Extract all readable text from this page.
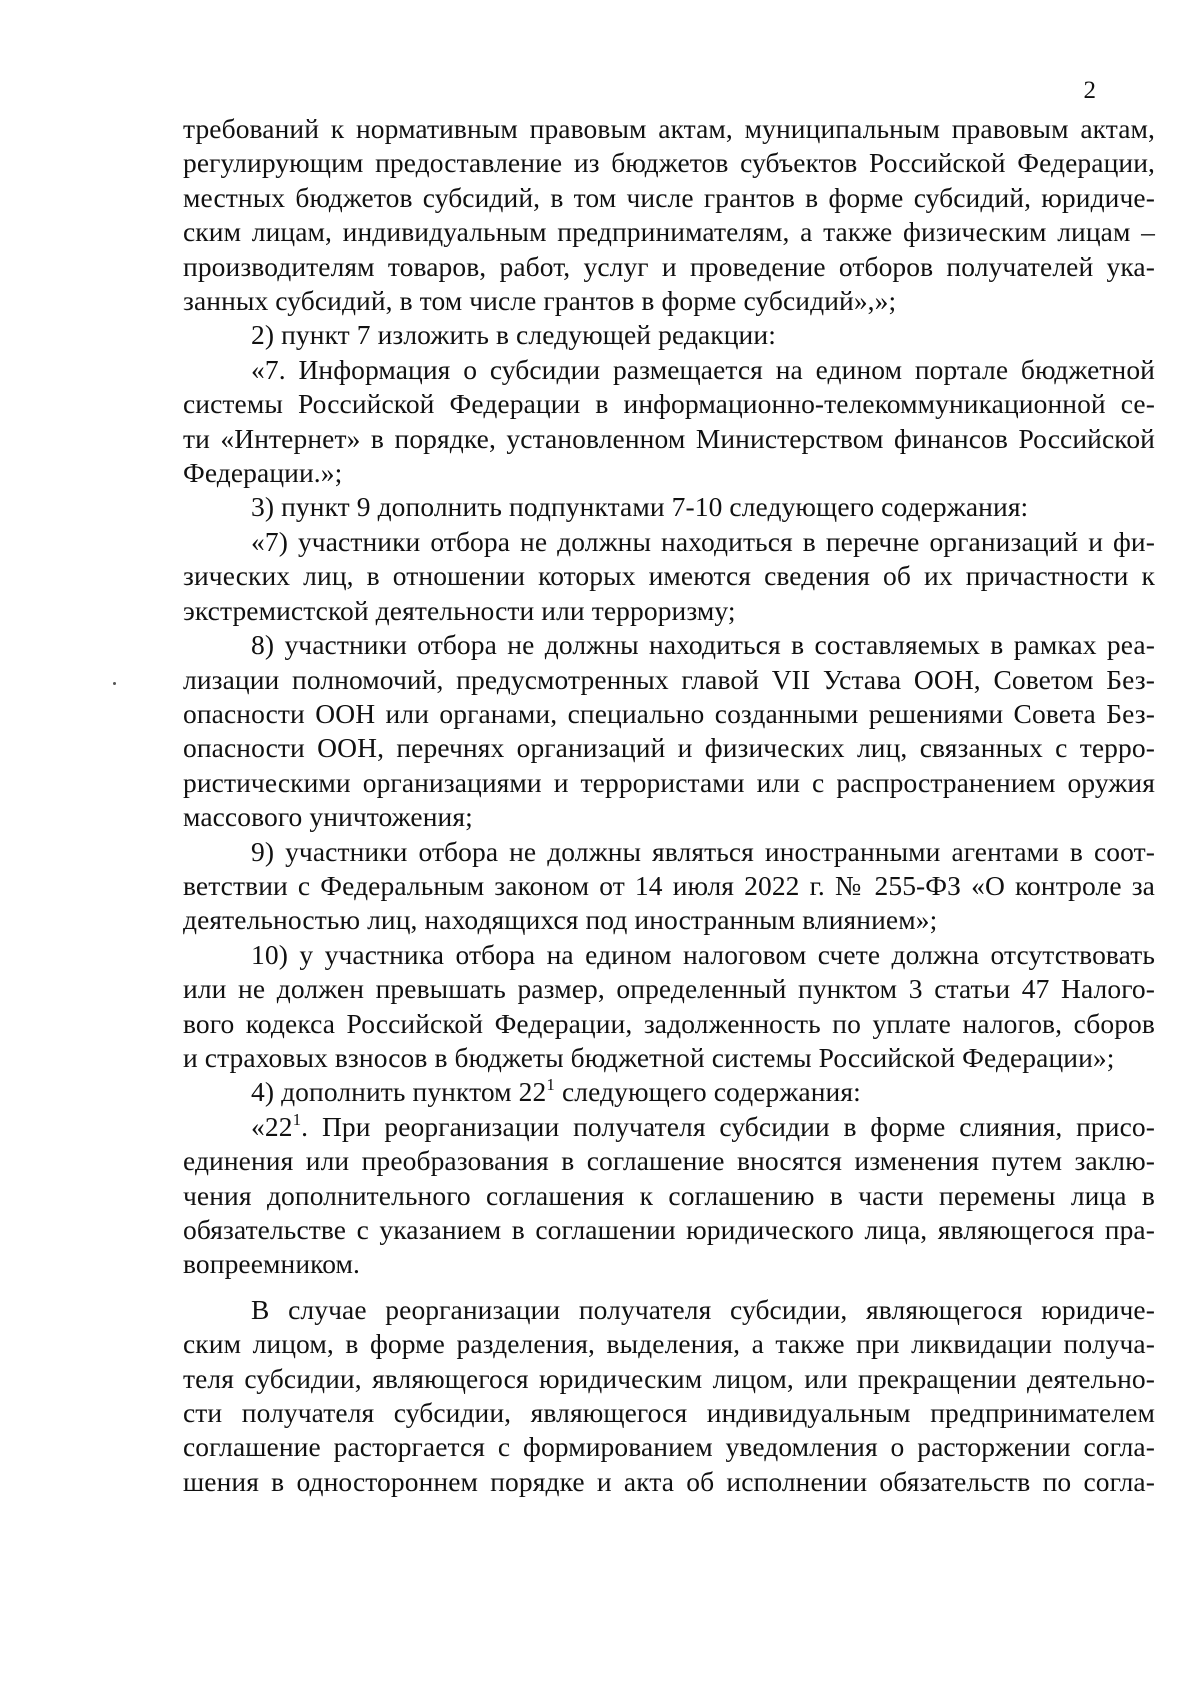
2

требований к нормативным правовым актам, муниципальным правовым актам,
регулирующим предоставление из бюджетов субъектов Российской Федерации,
местных бюджетов субсидий, в том числе грантов в форме субсидий, юридиче-
ским лицам, индивидуальным предпринимателям, а также физическим лицам –
производителям товаров, работ, услуг и проведение отборов получателей ука-
занных субсидий, в том числе грантов в форме субсидий»,»;

2) пункт 7 изложить в следующей редакции:

«7. Информация о субсидии размещается на едином портале бюджетной
системы Российской Федерации в информационно-телекоммуникационной се-
ти «Интернет» в порядке, установленном Министерством финансов Российской
Федерации.»;

3) пункт 9 дополнить подпунктами 7-10 следующего содержания:

«7) участники отбора не должны находиться в перечне организаций и фи-
зических лиц, в отношении которых имеются сведения об их причастности к
экстремистской деятельности или терроризму;

8) участники отбора не должны находиться в составляемых в рамках реа-
лизации полномочий, предусмотренных главой VII Устава ООН, Советом Без-
опасности ООН или органами, специально созданными решениями Совета Без-
опасности ООН, перечнях организаций и физических лиц, связанных с терро-
ристическими организациями и террористами или с распространением оружия
массового уничтожения;

9) участники отбора не должны являться иностранными агентами в соот-
ветствии с Федеральным законом от 14 июля 2022 г. № 255-ФЗ «О контроле за
деятельностью лиц, находящихся под иностранным влиянием»;

10) у участника отбора на едином налоговом счете должна отсутствовать
или не должен превышать размер, определенный пунктом 3 статьи 47 Налого-
вого кодекса Российской Федерации, задолженность по уплате налогов, сборов
и страховых взносов в бюджеты бюджетной системы Российской Федерации»;

4) дополнить пунктом $22^1$ следующего содержания:

«$22^1$. При реорганизации получателя субсидии в форме слияния, присо-
единения или преобразования в соглашение вносятся изменения путем заклю-
чения дополнительного соглашения к соглашению в части перемены лица в
обязательстве с указанием в соглашении юридического лица, являющегося пра-
вопреемником.

В случае реорганизации получателя субсидии, являющегося юридиче-
ским лицом, в форме разделения, выделения, а также при ликвидации получа-
теля субсидии, являющегося юридическим лицом, или прекращении деятельно-
сти получателя субсидии, являющегося индивидуальным предпринимателем
соглашение расторгается с формированием уведомления о расторжении согла-
шения в одностороннем порядке и акта об исполнении обязательств по согла-
